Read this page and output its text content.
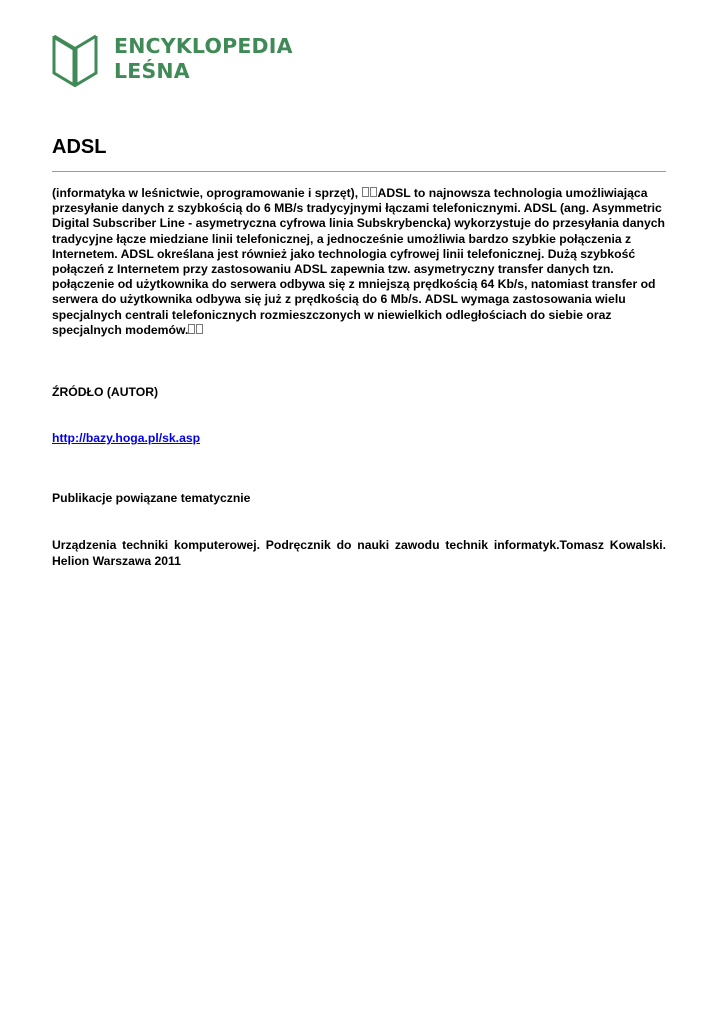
ENCYKLOPEDIA
LEŚNA
ADSL

(informatyka w leśnictwie, oprogramowanie i sprzęt), ADSL to najnowsza technologia umożliwiająca przesyłanie danych z szybkością do 6 MB/s tradycyjnymi łączami telefonicznymi. ADSL (ang. Asymmetric Digital Subscriber Line - asymetryczna cyfrowa linia Subskrybencka) wykorzystuje do przesyłania danych tradycyjne łącze miedziane linii telefonicznej, a jednocześnie umożliwia bardzo szybkie połączenia z Internetem. ADSL określana jest również jako technologia cyfrowej linii telefonicznej. Dużą szybkość połączeń z Internetem przy zastosowaniu ADSL zapewnia tzw. asymetryczny transfer danych tzn. połączenie od użytkownika do serwera odbywa się z mniejszą prędkością 64 Kb/s, natomiast transfer od serwera do użytkownika odbywa się już z prędkością do 6 Mb/s. ADSL wymaga zastosowania wielu specjalnych centrali telefonicznych rozmieszczonych w niewielkich odległościach do siebie oraz specjalnych modemów.

ŹRÓDŁO (AUTOR)
http://bazy.hoga.pl/sk.asp
Publikacje powiązane tematycznie

Urządzenia techniki komputerowej. Podręcznik do nauki zawodu technik informatyk.Tomasz Kowalski. Helion Warszawa 2011
